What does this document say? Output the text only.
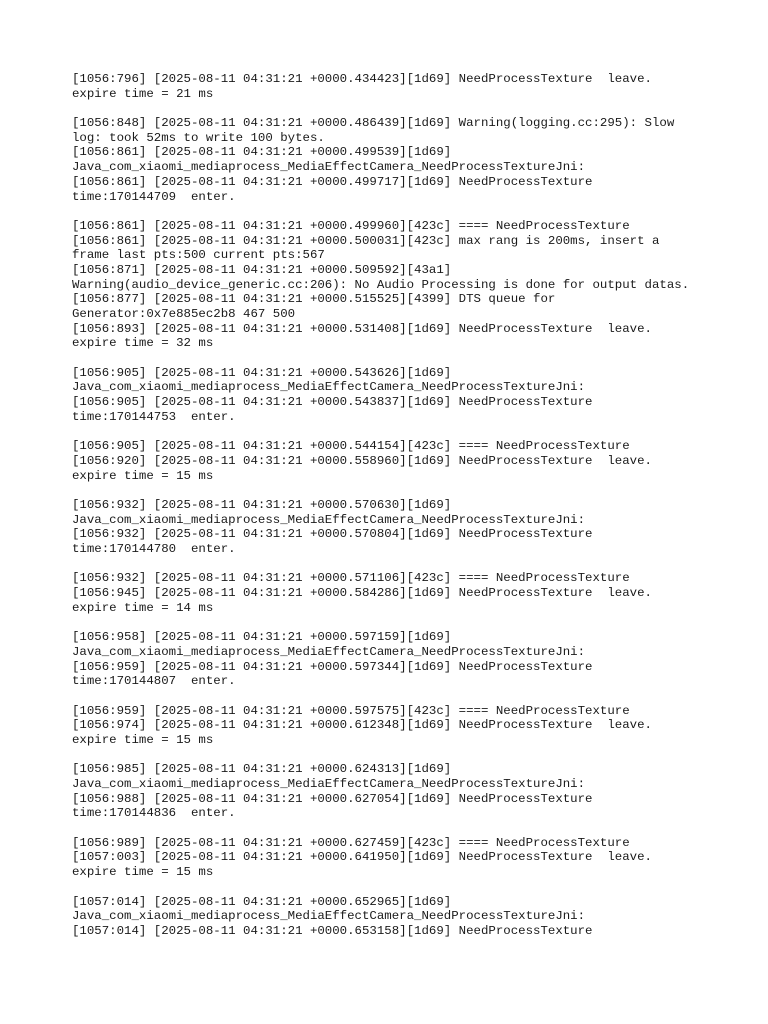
[1056:796] [2025-08-11 04:31:21 +0000.434423][1d69] NeedProcessTexture  leave.
expire time = 21 ms
[1056:848] [2025-08-11 04:31:21 +0000.486439][1d69] Warning(logging.cc:295): Slow
log: took 52ms to write 100 bytes.
[1056:861] [2025-08-11 04:31:21 +0000.499539][1d69]
Java_com_xiaomi_mediaprocess_MediaEffectCamera_NeedProcessTextureJni:
[1056:861] [2025-08-11 04:31:21 +0000.499717][1d69] NeedProcessTexture
time:170144709  enter.
[1056:861] [2025-08-11 04:31:21 +0000.499960][423c] ==== NeedProcessTexture
[1056:861] [2025-08-11 04:31:21 +0000.500031][423c] max rang is 200ms, insert a
frame last pts:500 current pts:567
[1056:871] [2025-08-11 04:31:21 +0000.509592][43a1]
Warning(audio_device_generic.cc:206): No Audio Processing is done for output datas.
[1056:877] [2025-08-11 04:31:21 +0000.515525][4399] DTS queue for
Generator:0x7e885ec2b8 467 500
[1056:893] [2025-08-11 04:31:21 +0000.531408][1d69] NeedProcessTexture  leave.
expire time = 32 ms
[1056:905] [2025-08-11 04:31:21 +0000.543626][1d69]
Java_com_xiaomi_mediaprocess_MediaEffectCamera_NeedProcessTextureJni:
[1056:905] [2025-08-11 04:31:21 +0000.543837][1d69] NeedProcessTexture
time:170144753  enter.
[1056:905] [2025-08-11 04:31:21 +0000.544154][423c] ==== NeedProcessTexture
[1056:920] [2025-08-11 04:31:21 +0000.558960][1d69] NeedProcessTexture  leave.
expire time = 15 ms
[1056:932] [2025-08-11 04:31:21 +0000.570630][1d69]
Java_com_xiaomi_mediaprocess_MediaEffectCamera_NeedProcessTextureJni:
[1056:932] [2025-08-11 04:31:21 +0000.570804][1d69] NeedProcessTexture
time:170144780  enter.
[1056:932] [2025-08-11 04:31:21 +0000.571106][423c] ==== NeedProcessTexture
[1056:945] [2025-08-11 04:31:21 +0000.584286][1d69] NeedProcessTexture  leave.
expire time = 14 ms
[1056:958] [2025-08-11 04:31:21 +0000.597159][1d69]
Java_com_xiaomi_mediaprocess_MediaEffectCamera_NeedProcessTextureJni:
[1056:959] [2025-08-11 04:31:21 +0000.597344][1d69] NeedProcessTexture
time:170144807  enter.
[1056:959] [2025-08-11 04:31:21 +0000.597575][423c] ==== NeedProcessTexture
[1056:974] [2025-08-11 04:31:21 +0000.612348][1d69] NeedProcessTexture  leave.
expire time = 15 ms
[1056:985] [2025-08-11 04:31:21 +0000.624313][1d69]
Java_com_xiaomi_mediaprocess_MediaEffectCamera_NeedProcessTextureJni:
[1056:988] [2025-08-11 04:31:21 +0000.627054][1d69] NeedProcessTexture
time:170144836  enter.
[1056:989] [2025-08-11 04:31:21 +0000.627459][423c] ==== NeedProcessTexture
[1057:003] [2025-08-11 04:31:21 +0000.641950][1d69] NeedProcessTexture  leave.
expire time = 15 ms
[1057:014] [2025-08-11 04:31:21 +0000.652965][1d69]
Java_com_xiaomi_mediaprocess_MediaEffectCamera_NeedProcessTextureJni:
[1057:014] [2025-08-11 04:31:21 +0000.653158][1d69] NeedProcessTexture
